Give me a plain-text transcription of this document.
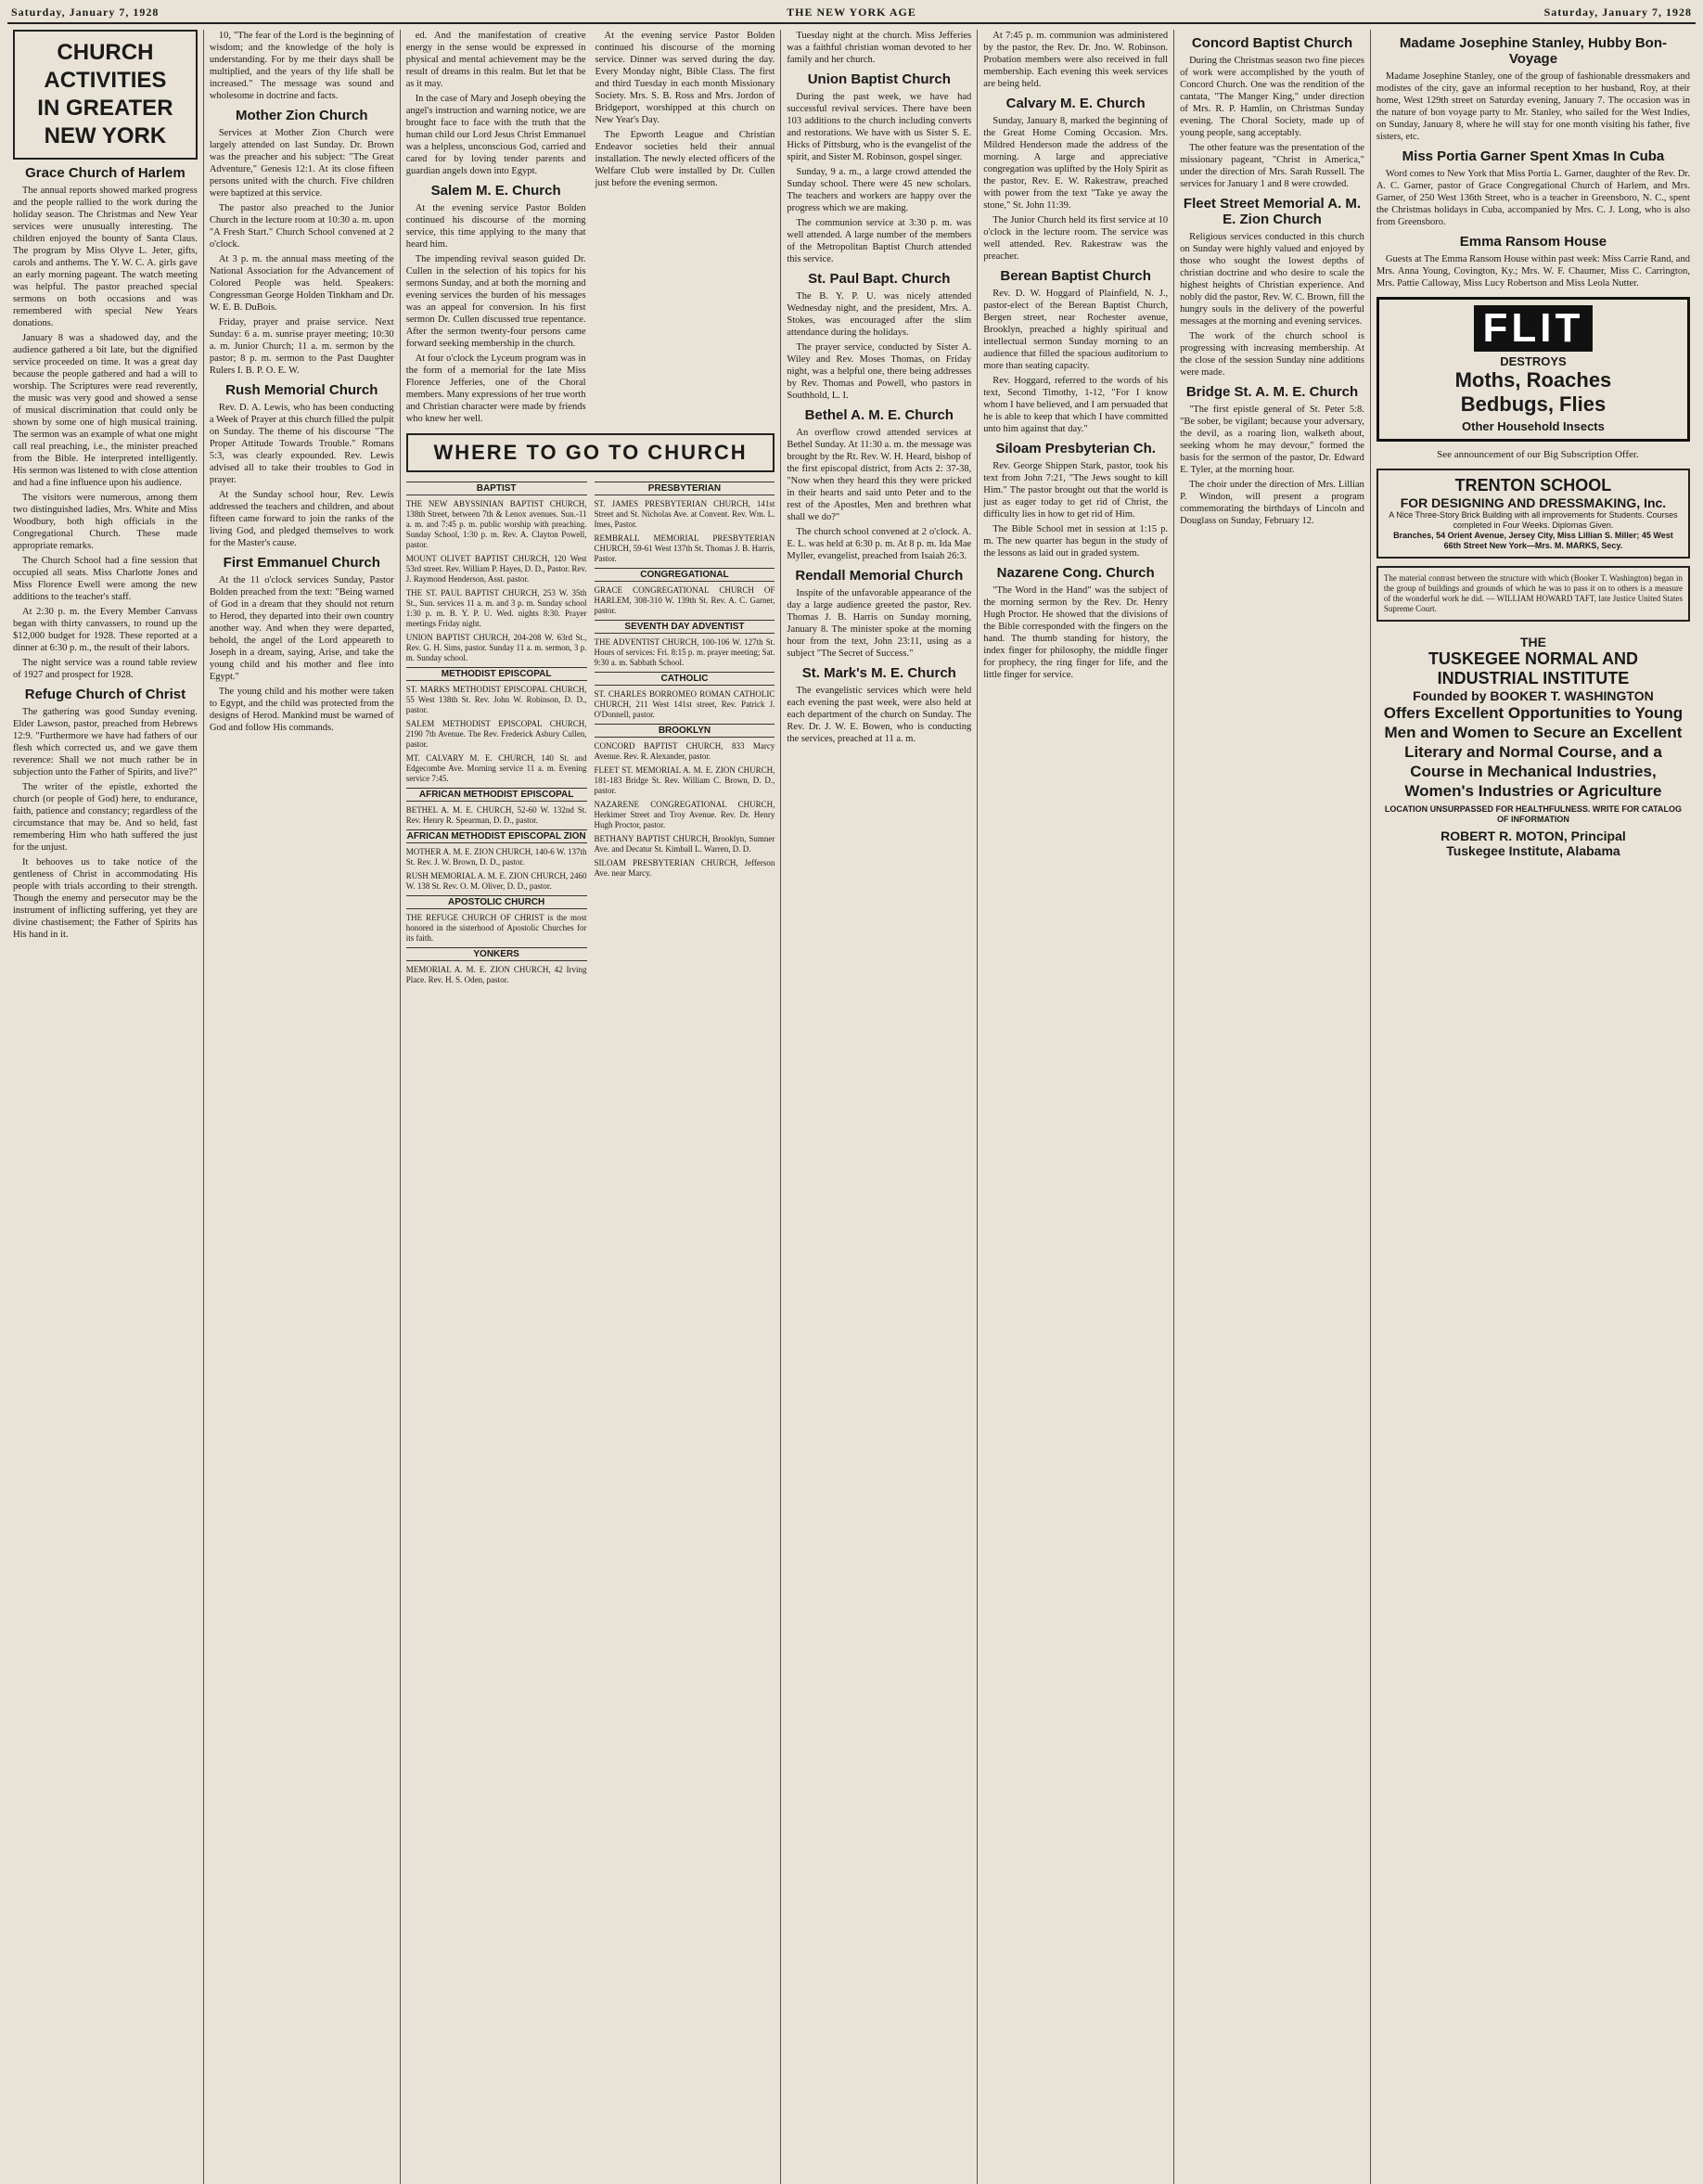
Saturday, January 7, 1928	THE NEW YORK AGE	Saturday, January 7, 1928
CHURCH ACTIVITIES
IN GREATER NEW YORK
Grace Church of Harlem

The annual reports showed marked progress and the people rallied to the work during the holiday season. The Christmas and New Year services were unusually interesting. The children enjoyed the bounty of Santa Claus. The program by Miss Olyve L. Jeter, gifts, carols and anthems. The Y. W. C. A. girls gave an early morning pageant. The watch meeting was helpful. The pastor preached special sermons on both occasions and was remembered with special New Years donations.

January 8 was a shadowed day, and the audience gathered a bit late, but the dignified service proceeded on time. It was a great day because the people gathered and had a will to worship. The Scriptures were read reverently, the music was very good and showed a sense of musical discrimination that could only be shown by some one of high musical training. The sermon was an example of what one might call real preaching, i.e., the minister preached from the Bible. He interpreted intelligently. His sermon was listened to with close attention and had a fine influence upon his audience.

The visitors were numerous, among them two distinguished ladies, Mrs. White and Miss Woodbury, both high officials in the Congregational Church. These made appropriate remarks.

The Church School had a fine session that occupied all seats. Miss Charlotte Jones and Miss Florence Ewell were among the new additions to the teacher's staff.

At 2:30 p. m. the Every Member Canvass began with thirty canvassers, to round up the $12,000 budget for 1928. These reported at a dinner at 6:30 p. m., the result of their labors.

The night service was a round table review of 1927 and prospect for 1928.

Refuge Church of Christ

The gathering was good Sunday evening. Elder Lawson, pastor, preached from Hebrews 12:9. "Furthermore we have had fathers of our flesh which corrected us, and we gave them reverence: Shall we not much rather be in subjection unto the Father of Spirits, and live?"

The writer of the epistle, exhorted the church (or people of God) here, to endurance, faith, patience and constancy; regardless of the circumstance that may be. And so held, fast remembering Him who hath suffered the just for the unjust.

It behooves us to take notice of the gentleness of Christ in accommodating His people with trials according to their strength. Though the enemy and persecutor may be the instrument of inflicting suffering, yet they are divine chastisement; the Father of Spirits has His hand in it.

10, "The fear of the Lord is the beginning of wisdom; and the knowledge of the holy is understanding. For by me their days shall be multiplied, and the years of thy life shall be increased." The message was sound and wholesome in doctrine and facts.

Mother Zion Church

Services at Mother Zion Church were largely attended on last Sunday. Dr. Brown was the preacher and his subject: "The Great Adventure," Genesis 12:1. At its close fifteen persons united with the church. Five children were baptized at this service.

The pastor also preached to the Junior Church in the lecture room at 10:30 a. m. upon "A Fresh Start." Church School convened at 2 o'clock.

At 3 p. m. the annual mass meeting of the National Association for the Advancement of Colored People was held. Speakers: Congressman George Holden Tinkham and Dr. W. E. B. DuBois.

Friday, prayer and praise service. Next Sunday: 6 a. m. sunrise prayer meeting; 10:30 a. m. Junior Church; 11 a. m. sermon by the pastor; 8 p. m. sermon to the Past Daughter Rulers I. B. P. O. E. W.

Rush Memorial Church

Rev. D. A. Lewis, who has been conducting a Week of Prayer at this church filled the pulpit on Sunday. The theme of his discourse "The Proper Attitude Towards Trouble." Romans 5:3, was clearly expounded. Rev. Lewis advised all to take their troubles to God in prayer.

At the Sunday school hour, Rev. Lewis addressed the teachers and children, and about fifteen came forward to join the ranks of the living God, and pledged themselves to work for the Master's cause.

First Emmanuel Church

At the 11 o'clock services Sunday, Pastor Bolden preached from the text: "Being warned of God in a dream that they should not return to Herod, they departed into their own country another way. And when they were departed, behold, the angel of the Lord appeareth to Joseph in a dream, saying, Arise, and take the young child and his mother and flee into Egypt."

The young child and his mother were taken to Egypt, and the child was protected from the designs of Herod. Mankind must be warned of God and follow His commands.

ed. And the manifestation of creative energy in the sense would be expressed in physical and mental achievement may be the result of dreams in this realm. But let that be as it may.

In the case of Mary and Joseph obeying the angel's instruction and warning notice, we are brought face to face with the truth that the human child our Lord Jesus Christ Emmanuel was a helpless, unconscious God, carried and cared for by loving tender parents and guardian angels down into Egypt.

Salem M. E. Church

At the evening service Pastor Bolden continued his discourse of the morning service, this time applying to the many that heard him.

The impending revival season guided Dr. Cullen in the selection of his topics for his sermons Sunday, and at both the morning and evening services the burden of his messages was an appeal for conversion. In his first sermon Dr. Cullen discussed true repentance. After the sermon twenty-four persons came forward seeking membership in the church.

At four o'clock the Lyceum program was in the form of a memorial for the late Miss Florence Jefferies, one of the Choral members. Many expressions of her true worth and Christian character were made by friends who knew her well.

At the evening service Pastor Bolden continued his discourse of the morning service. Dinner was served during the day. Every Monday night, Bible Class. The first and third Tuesday in each month Missionary Society. Mrs. S. B. Ross and Mrs. Jordon of Bridgeport, worshipped at this church on New Year's Day.

The Epworth League and Christian Endeavor societies held their annual installation. The newly elected officers of the Welfare Club were installed by Dr. Cullen just before the evening sermon.

WHERE TO GO TO CHURCH
BAPTIST
THE NEW ABYSSINIAN BAPTIST CHURCH, 138th Street, between 7th & Lenox avenues. Sun.-11 a. m. and 7:45 p. m. public worship with preaching. Sunday School, 1:30 p. m. Rev. A. Clayton Powell, pastor.
MOUNT OLIVET BAPTIST CHURCH, 120 West 53rd street. Rev. William P. Hayes, D. D., Pastor. Rev. J. Raymond Henderson, Asst. pastor.
THE ST. PAUL BAPTIST CHURCH, 253 W. 35th St., Sun. services 11 a. m. and 3 p. m. Sunday school 1:30 p. m. B. Y. P. U. Wed. nights 8:30. Prayer meetings Friday night.
UNION BAPTIST CHURCH, 204-208 W. 63rd St., Rev. G. H. Sims, pastor. Sunday 11 a. m. sermon, 3 p. m. Sunday school.
METHODIST EPISCOPAL
ST. MARKS METHODIST EPISCOPAL CHURCH, 55 West 138th St. Rev. John W. Robinson, D. D., pastor.
SALEM METHODIST EPISCOPAL CHURCH, 2190 7th Avenue. The Rev. Frederick Asbury Cullen, pastor.
MT. CALVARY M. E. CHURCH, 140 St. and Edgecombe Ave. Morning service 11 a. m. Evening service 7:45.
AFRICAN METHODIST EPISCOPAL
BETHEL A. M. E. CHURCH, 52-60 W. 132nd St. Rev. Henry R. Spearman, D. D., pastor.
AFRICAN METHODIST EPISCOPAL ZION
MOTHER A. M. E. ZION CHURCH, 140-6 W. 137th St. Rev. J. W. Brown, D. D., pastor.
RUSH MEMORIAL A. M. E. ZION CHURCH, 2460 W. 138 St. Rev. O. M. Oliver, D. D., pastor.
APOSTOLIC CHURCH
THE REFUGE CHURCH OF CHRIST is the most honored in the sisterhood of Apostolic Churches for its faith.
YONKERS
MEMORIAL A. M. E. ZION CHURCH, 42 Irving Place. Rev. H. S. Oden, pastor.
PRESBYTERIAN
ST. JAMES PRESBYTERIAN CHURCH, 141st Street and St. Nicholas Ave. at Convent. Rev. Wm. L. Imes, Pastor.
REMBRALL MEMORIAL PRESBYTERIAN CHURCH, 59-61 West 137th St. Thomas J. B. Harris, Pastor.
CONGREGATIONAL
GRACE CONGREGATIONAL CHURCH OF HARLEM, 308-310 W. 139th St. Rev. A. C. Garner, pastor.
SEVENTH DAY ADVENTIST
THE ADVENTIST CHURCH, 100-106 W. 127th St. Hours of services: Fri. 8:15 p. m. prayer meeting; Sat. 9:30 a. m. Sabbath School.
CATHOLIC
ST. CHARLES BORROMEO ROMAN CATHOLIC CHURCH, 211 West 141st street, Rev. Patrick J. O'Donnell, pastor.
BROOKLYN
CONCORD BAPTIST CHURCH, 833 Marcy Avenue. Rev. R. Alexander, pastor.
FLEET ST. MEMORIAL A. M. E. ZION CHURCH, 181-183 Bridge St. Rev. William C. Brown, D. D., pastor.
NAZARENE CONGREGATIONAL CHURCH, Herkimer Street and Troy Avenue. Rev. Dr. Henry Hugh Proctor, pastor.
BETHANY BAPTIST CHURCH, Brooklyn, Sumner Ave. and Decatur St. Kimball L. Warren, D. D.
SILOAM PRESBYTERIAN CHURCH, Jefferson Ave. near Marcy.

Tuesday night at the church. Miss Jefferies was a faithful christian woman devoted to her family and her church.

Union Baptist Church

During the past week, we have had successful revival services. There have been 103 additions to the church including converts and restorations. We have with us Sister S. E. Hicks of Pittsburg, who is the evangelist of the spirit, and Sister M. Robinson, gospel singer.

Sunday, 9 a. m., a large crowd attended the Sunday school. There were 45 new scholars. The teachers and workers are happy over the progress which we are making.

The communion service at 3:30 p. m. was well attended. A large number of the members of the Metropolitan Baptist Church attended this service.

St. Paul Bapt. Church

The B. Y. P. U. was nicely attended Wednesday night, and the president, Mrs. A. Stokes, was encouraged after the slim attendance during the holidays.

The prayer service, conducted by Sister A. Wiley and Rev. Moses Thomas, on Friday night, was a helpful one, there being addresses by Rev. Thomas and Powell, who pastors in Southhold, L. I.

Bethel A. M. E. Church

An overflow crowd attended services at Bethel Sunday. At 11:30 a. m. the message was brought by the Rt. Rev. W. H. Heard, bishop of the first episcopal district, from Acts 2: 37-38, "Now when they heard this they were pricked in their hearts and said unto Peter and to the rest of the Apostles, Men and brethren what shall we do?"

The church school convened at 2 o'clock. A. E. L. was held at 6:30 p. m. At 8 p. m. Ida Mae Myller, evangelist, preached from Isaiah 26:3.

Rendall Memorial Church

Inspite of the unfavorable appearance of the day a large audience greeted the pastor, Rev. Thomas J. B. Harris on Sunday morning, January 8. The minister spoke at the morning hour from the text, John 23:11, using as a subject "The Secret of Success."

St. Mark's M. E. Church

The evangelistic services which were held each evening the past week, were also held at each department of the church on Sunday. The Rev. Dr. J. W. E. Bowen, who is conducting the services, preached at 11 a. m.

At 7:45 p. m. communion was administered by the pastor, the Rev. Dr. Jno. W. Robinson. Probation members were also received in full membership. Each evening this week services are being held.

Calvary M. E. Church

Sunday, January 8, marked the beginning of the Great Home Coming Occasion. Mrs. Mildred Henderson made the address of the morning. A large and appreciative congregation was uplifted by the Holy Spirit as the pastor, Rev. E. W. Rakestraw, preached with power from the text "Take ye away the stone," St. John 11:39.

The Junior Church held its first service at 10 o'clock in the lecture room. The service was well attended. Rev. Rakestraw was the preacher.

Berean Baptist Church

Rev. D. W. Hoggard of Plainfield, N. J., pastor-elect of the Berean Baptist Church, Bergen street, near Rochester avenue, Brooklyn, preached a highly spiritual and intellectual sermon Sunday morning to an audience that filled the spacious auditorium to more than seating capacity.

Rev. Hoggard, referred to the words of his text, Second Timothy, 1-12, "For I know whom I have believed, and I am persuaded that he is able to keep that which I have committed unto him against that day."

Siloam Presbyterian Ch.

Rev. George Shippen Stark, pastor, took his text from John 7:21, "The Jews sought to kill Him." The pastor brought out that the world is just as eager today to get rid of Christ, the difficulty lies in how to get rid of Him.

The Bible School met in session at 1:15 p. m. The new quarter has begun in the study of the lessons as laid out in graded system.

Nazarene Cong. Church

"The Word in the Hand" was the subject of the morning sermon by the Rev. Dr. Henry Hugh Proctor. He showed that the divisions of the Bible corresponded with the fingers on the hand. The thumb standing for history, the index finger for philosophy, the middle finger for prophecy, the ring finger for life, and the little finger for service.

Concord Baptist Church

During the Christmas season two fine pieces of work were accomplished by the youth of Concord Church. One was the rendition of the cantata, "The Manger King," under direction of Mrs. R. P. Hamlin, on Christmas Sunday evening. The Choral Society, made up of young people, sang acceptably.

The other feature was the presentation of the missionary pageant, "Christ in America," under the direction of Mrs. Sarah Russell. The services for January 1 and 8 were crowded.

Fleet Street Memorial A. M. E. Zion Church

Religious services conducted in this church on Sunday were highly valued and enjoyed by those who sought the lowest depths of christian doctrine and who desire to scale the highest heights of Christian experience. And nobly did the pastor, Rev. W. C. Brown, fill the hungry souls in the delivery of the powerful messages at the morning and evening services.

The work of the church school is progressing with increasing membership. At the close of the session Sunday nine additions were made.

Bridge St. A. M. E. Church

"The first epistle general of St. Peter 5:8. "Be sober, be vigilant; because your adversary, the devil, as a roaring lion, walketh about, seeking whom he may devour," formed the basis for the sermon of the pastor, Dr. Edward E. Tyler, at the morning hour.

The choir under the direction of Mrs. Lillian P. Windon, will present a program commemorating the birthdays of Lincoln and Douglass on Sunday, February 12.

Madame Josephine Stanley, Hubby Bon-Voyage

Madame Josephine Stanley, one of the group of fashionable dressmakers and modistes of the city, gave an informal reception to her husband, Roy, at their home, West 129th street on Saturday evening, January 7. The occasion was in the nature of bon voyage party to Mr. Stanley, who sailed for the West Indies, on Sunday, January 8, where he will stay for one month visiting his father, five sisters, etc.

Miss Portia Garner Spent Xmas In Cuba

Word comes to New York that Miss Portia L. Garner, daughter of the Rev. Dr. A. C. Garner, pastor of Grace Congregational Church of Harlem, and Mrs. Garner, of 250 West 136th Street, who is a teacher in Greensboro, N. C., spent the Christmas holidays in Cuba, accompanied by Mrs. C. J. Long, who is also from Greensboro.

Emma Ransom House

Guests at The Emma Ransom House within past week: Miss Carrie Rand, and Mrs. Anna Young, Covington, Ky.; Mrs. W. F. Chaumer, Miss C. Carrington, Mrs. Pattie Calloway, Miss Lucy Robertson and Miss Leola Nutter.

FLIT
DESTROYS
Moths, Roaches
Bedbugs, Flies
Other Household Insects

See announcement of our Big Subscription Offer.

TRENTON SCHOOL
FOR DESIGNING AND DRESSMAKING, Inc.
A Nice Three-Story Brick Building with all improvements for Students. Courses completed in Four Weeks. Diplomas Given.
Branches, 54 Orient Avenue, Jersey City, Miss Lillian S. Miller; 45 West 66th Street New York—Mrs. M. MARKS, Secy.
The material contrast between the structure with which (Booker T. Washington) began in the group of buildings and grounds of which he was to pass it on to others is a measure of the wonderful work he did. — WILLIAM HOWARD TAFT, late Justice United States Supreme Court.
THE
TUSKEGEE NORMAL AND INDUSTRIAL INSTITUTE
Founded by BOOKER T. WASHINGTON
Offers Excellent Opportunities to Young Men and Women to Secure an Excellent Literary and Normal Course, and a Course in Mechanical Industries, Women's Industries or Agriculture
LOCATION UNSURPASSED FOR HEALTHFULNESS. WRITE FOR CATALOG OF INFORMATION
ROBERT R. MOTON, Principal
Tuskegee Institute, Alabama
